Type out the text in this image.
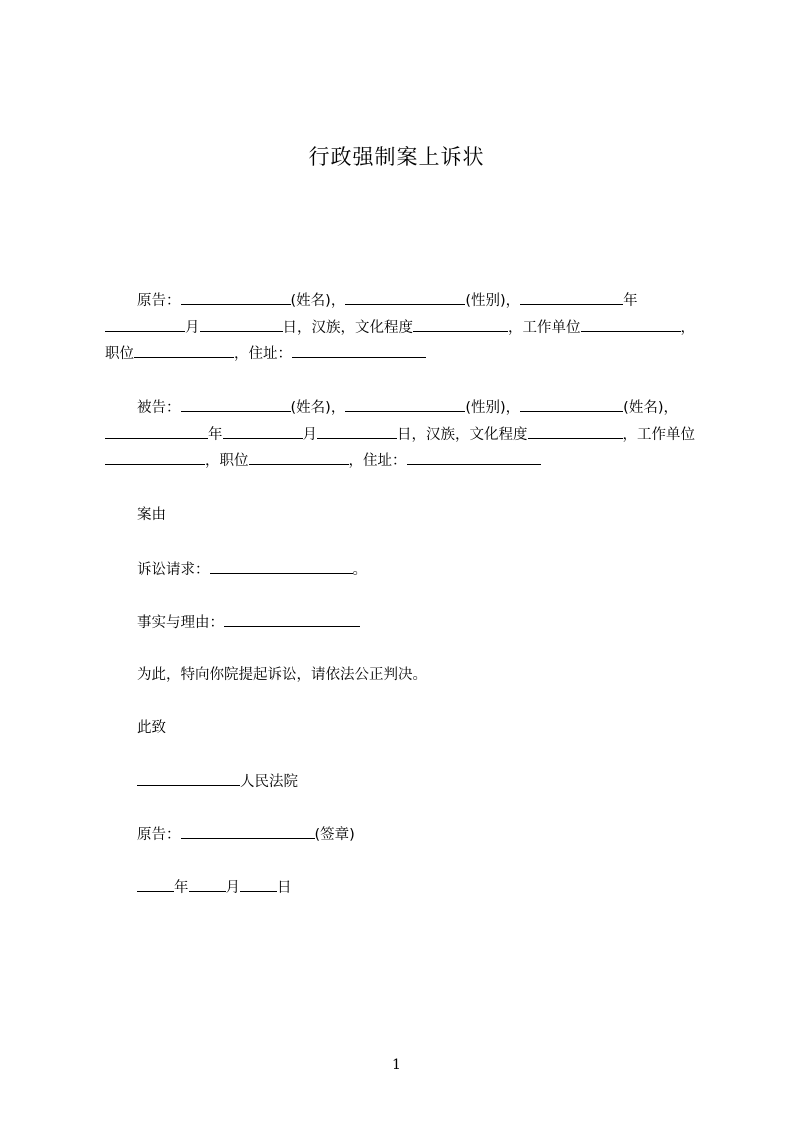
行政强制案上诉状
原告：	(姓名)，	(性别)，	年月	日，汉族，文化程度	，工作单位	，职位	，住址：
被告：	(姓名)，	(性别)，	(姓名)，年	月	日，汉族，文化程度	，工作单位，职位	，住址：
案由
诉讼请求：	。
事实与理由：
为此，特向你院提起诉讼，请依法公正判决。
此致
人民法院
原告：	(签章)
年	月	日
1
